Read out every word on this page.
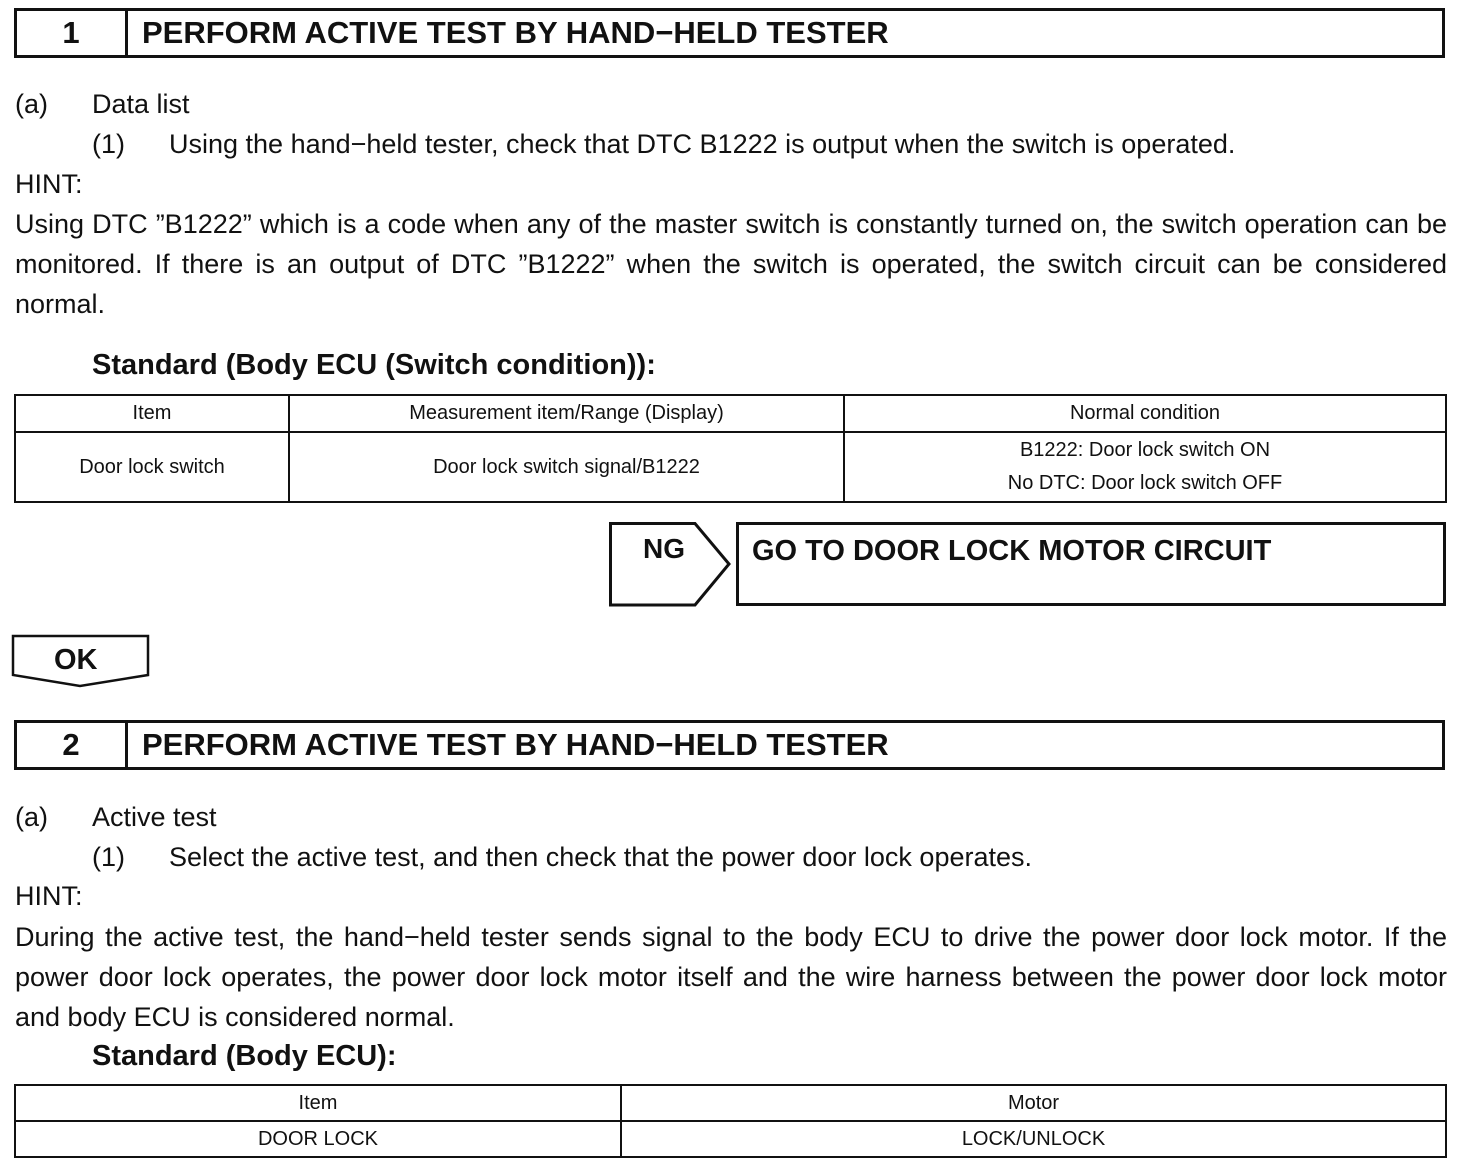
1	PERFORM ACTIVE TEST BY HAND−HELD TESTER
(a) Data list
(1) Using the hand−held tester, check that DTC B1222 is output when the switch is operated.
HINT:
Using DTC ”B1222” which is a code when any of the master switch is constantly turned on, the switch operation can be monitored. If there is an output of DTC ”B1222” when the switch is operated, the switch circuit can be considered normal.
Standard (Body ECU (Switch condition)):
Item	Measurement item/Range (Display)	Normal condition
Door lock switch	Door lock switch signal/B1222	B1222: Door lock switch ON
No DTC: Door lock switch OFF
NG GO TO DOOR LOCK MOTOR CIRCUIT
OK
2	PERFORM ACTIVE TEST BY HAND−HELD TESTER
(a) Active test
(1) Select the active test, and then check that the power door lock operates.
HINT:
During the active test, the hand−held tester sends signal to the body ECU to drive the power door lock motor. If the power door lock operates, the power door lock motor itself and the wire harness between the power door lock motor and body ECU is considered normal.
Standard (Body ECU):
Item	Motor
DOOR LOCK	LOCK/UNLOCK
